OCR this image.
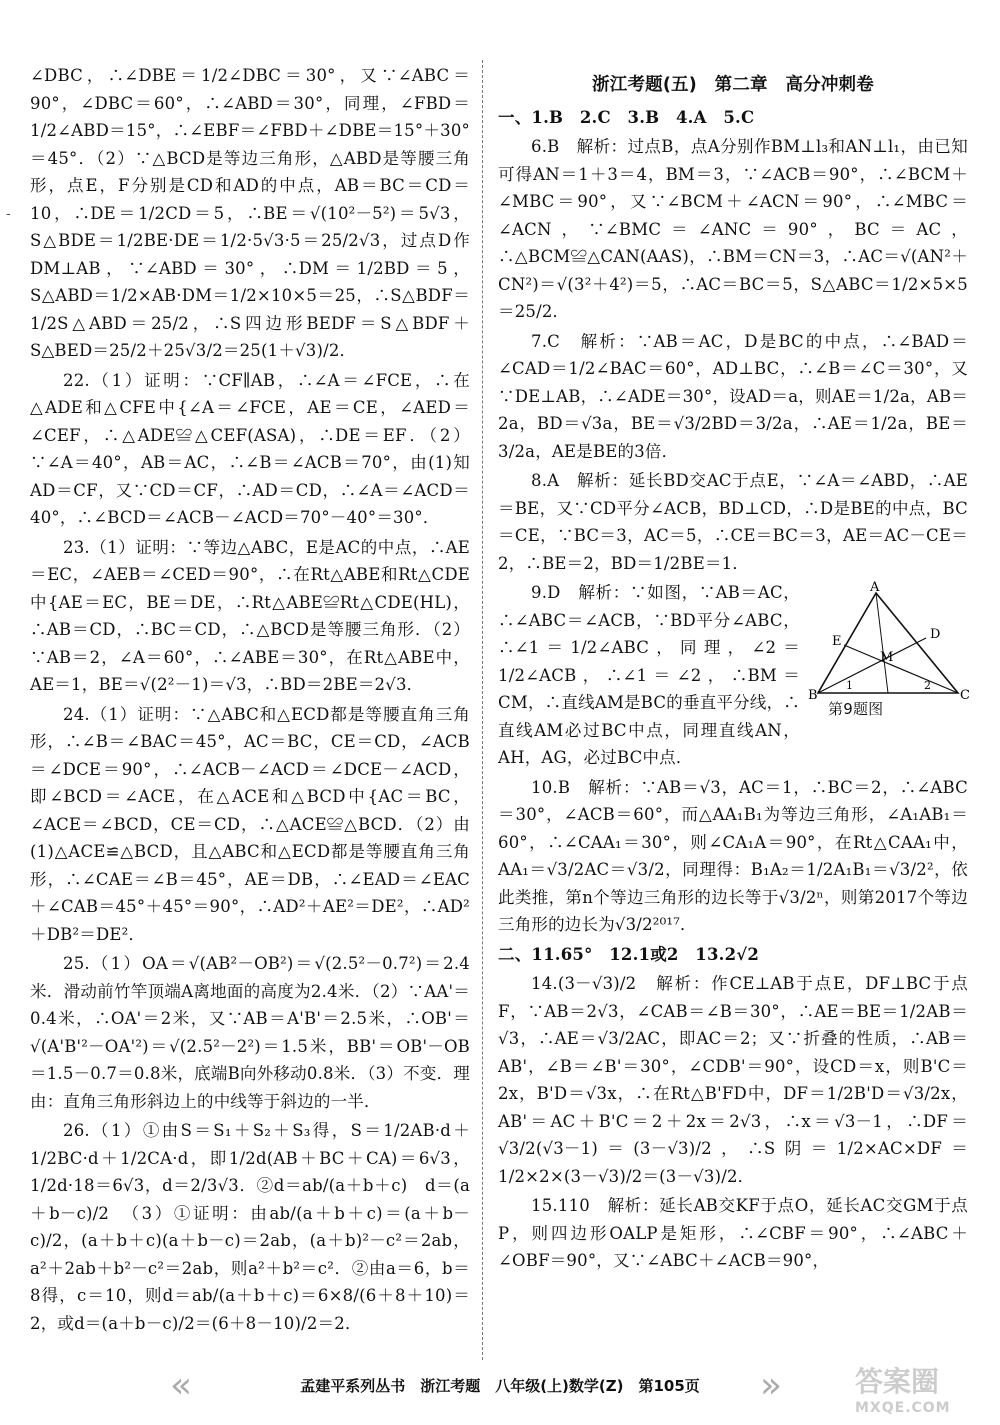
-

∠DBC，∴∠DBE＝1/2∠DBC＝30°，又∵∠ABC＝90°，∠DBC＝60°，∴∠ABD＝30°，同理，∠FBD＝1/2∠ABD＝15°，∴∠EBF＝∠FBD＋∠DBE＝15°＋30°＝45°．（2）∵△BCD是等边三角形，△ABD是等腰三角形，点E，F分别是CD和AD的中点，AB＝BC＝CD＝10，∴DE＝1/2CD＝5，∴BE＝√(10²－5²)＝5√3，S△BDE＝1/2BE·DE＝1/2·5√3·5＝25/2√3，过点D作DM⊥AB，∵∠ABD＝30°，∴DM＝1/2BD＝5，S△ABD＝1/2×AB·DM＝1/2×10×5＝25，∴S△BDF＝1/2S△ABD＝25/2，∴S四边形BEDF＝S△BDF＋S△BED＝25/2＋25√3/2＝25(1＋√3)/2．

22.（1）证明：∵CF∥AB，∴∠A＝∠FCE，∴在△ADE和△CFE中{∠A＝∠FCE，AE＝CE，∠AED＝∠CEF，∴△ADE≌△CEF(ASA)，∴DE＝EF．（2）∵∠A＝40°，AB＝AC，∴∠B＝∠ACB＝70°，由(1)知AD＝CF，又∵CD＝CF，∴AD＝CD，∴∠A＝∠ACD＝40°，∴∠BCD＝∠ACB－∠ACD＝70°－40°＝30°．

23.（1）证明：∵等边△ABC，E是AC的中点，∴AE＝EC，∠AEB＝∠CED＝90°，∴在Rt△ABE和Rt△CDE中{AE＝EC，BE＝DE，∴Rt△ABE≌Rt△CDE(HL)，∴AB＝CD，∴BC＝CD，∴△BCD是等腰三角形．（2）∵AB＝2，∠A＝60°，∴∠ABE＝30°，在Rt△ABE中，AE＝1，BE＝√(2²－1)＝√3，∴BD＝2BE＝2√3．

24.（1）证明：∵△ABC和△ECD都是等腰直角三角形，∴∠B＝∠BAC＝45°，AC＝BC，CE＝CD，∠ACB＝∠DCE＝90°，∴∠ACB－∠ACD＝∠DCE－∠ACD，即∠BCD＝∠ACE，在△ACE和△BCD中{AC＝BC，∠ACE＝∠BCD，CE＝CD，∴△ACE≌△BCD．（2）由(1)△ACE≌△BCD，且△ABC和△ECD都是等腰直角三角形，∴∠CAE＝∠B＝45°，AE＝DB，∴∠EAD＝∠EAC＋∠CAB＝45°＋45°＝90°，∴AD²＋AE²＝DE²，∴AD²＋DB²＝DE²．

25.（1）OA＝√(AB²－OB²)＝√(2.5²－0.7²)＝2.4米．滑动前竹竿顶端A离地面的高度为2.4米．（2）∵AA'＝0.4米，∴OA'＝2米，又∵AB＝A'B'＝2.5米，∴OB'＝√(A'B'²－OA'²)＝√(2.5²－2²)＝1.5米，BB'＝OB'－OB＝1.5－0.7＝0.8米，底端B向外移动0.8米．（3）不变．理由：直角三角形斜边上的中线等于斜边的一半．

26.（1）①由S＝S₁＋S₂＋S₃得，S＝1/2AB·d＋1/2BC·d＋1/2CA·d，即1/2d(AB＋BC＋CA)＝6√3，1/2d·18＝6√3，d＝2/3√3．②d＝ab/(a＋b＋c)　d＝(a＋b－c)/2　（3）①证明：由ab/(a＋b＋c)＝(a＋b－c)/2，(a＋b＋c)(a＋b－c)＝2ab，(a＋b)²－c²＝2ab，a²＋2ab＋b²－c²＝2ab，则a²＋b²＝c²．②由a＝6，b＝8得，c＝10，则d＝ab/(a＋b＋c)＝6×8/(6＋8＋10)＝2，或d＝(a＋b－c)/2＝(6＋8－10)/2＝2．

浙江考题(五)　第二章　高分冲刺卷

一、1.B　2.C　3.B　4.A　5.C

6.B　解析：过点B，点A分别作BM⊥l₃和AN⊥l₁，由已知可得AN＝1＋3＝4，BM＝3，∵∠ACB＝90°，∴∠BCM＋∠MBC＝90°，又∵∠BCM＋∠ACN＝90°，∴∠MBC＝∠ACN，∵∠BMC＝∠ANC＝90°，BC＝AC，∴△BCM≌△CAN(AAS)，∴BM＝CN＝3，∴AC＝√(AN²＋CN²)＝√(3²＋4²)＝5，∴AC＝BC＝5，S△ABC＝1/2×5×5＝25/2．

7.C　解析：∵AB＝AC，D是BC的中点，∴∠BAD＝∠CAD＝1/2∠BAC＝60°，AD⊥BC，∴∠B＝∠C＝30°，又∵DE⊥AB，∴∠ADE＝30°，设AD＝a，则AE＝1/2a，AB＝2a，BD＝√3a，BE＝√3/2BD＝3/2a，∴AE＝1/2a，BE＝3/2a，AE是BE的3倍．

8.A　解析：延长BD交AC于点E，∵∠A＝∠ABD，∴AE＝BE，又∵CD平分∠ACB，BD⊥CD，∴D是BE的中点，BC＝CE，∵BC＝3，AC＝5，∴CE＝BC＝3，AE＝AC－CE＝2，∴BE＝2，BD＝1/2BE＝1．

A
B	C
D
E
M
1	2
第9题图

9.D　解析：∵如图，∵AB＝AC，∴∠ABC＝∠ACB，∵BD平分∠ABC，∴∠1＝1/2∠ABC，同理，∠2＝1/2∠ACB，∴∠1＝∠2，∴BM＝CM，∴直线AM是BC的垂直平分线，∴直线AM必过BC中点，同理直线AN，AH，AG，必过BC中点．

10.B　解析：∵AB＝√3，AC＝1，∴BC＝2，∴∠ABC＝30°，∠ACB＝60°，而△AA₁B₁为等边三角形，∠A₁AB₁＝60°，∴∠CAA₁＝30°，则∠CA₁A＝90°，在Rt△CAA₁中，AA₁＝√3/2AC＝√3/2，同理得：B₁A₂＝1/2A₁B₁＝√3/2²，依此类推，第n个等边三角形的边长等于√3/2ⁿ，则第2017个等边三角形的边长为√3/2²⁰¹⁷．

二、11.65°　12.1或2　13.2√2

14.(3－√3)/2　解析：作CE⊥AB于点E，DF⊥BC于点F，∵AB＝2√3，∠CAB＝∠B＝30°，∴AE＝BE＝1/2AB＝√3，∴AE＝√3/2AC，即AC＝2；又∵折叠的性质，∴AB＝AB'，∠B＝∠B'＝30°，∠CDB'＝90°，设CD＝x，则B'C＝2x，B'D＝√3x，∴在Rt△B'FD中，DF＝1/2B'D＝√3/2x，AB'＝AC＋B'C＝2＋2x＝2√3，∴x＝√3－1，∴DF＝√3/2(√3－1)＝(3－√3)/2，∴S阴＝1/2×AC×DF＝1/2×2×(3－√3)/2＝(3－√3)/2．

15.110　解析：延长AB交KF于点O，延长AC交GM于点P，则四边形OALP是矩形，∴∠CBF＝90°，∴∠ABC＋∠OBF＝90°，又∵∠ABC＋∠ACB＝90°，

«	孟建平系列丛书　浙江考题　八年级(上)数学(Z)　第105页	»	答案圈
MXQE.COM
